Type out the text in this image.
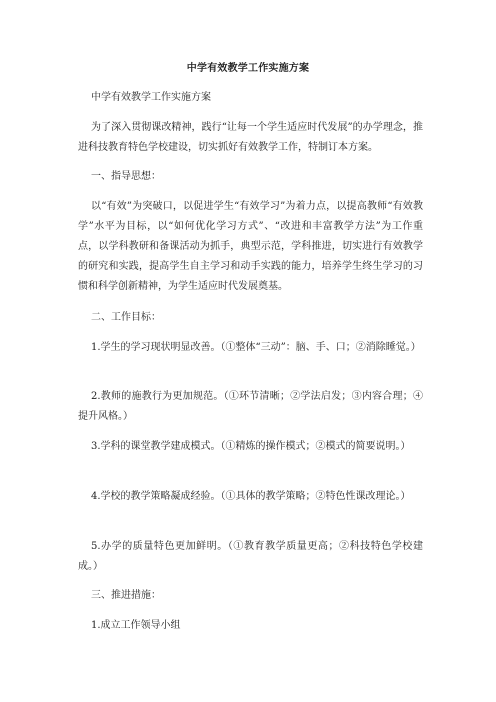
中学有效教学工作实施方案
中学有效教学工作实施方案
为了深入贯彻课改精神，践行“让每一个学生适应时代发展”的办学理念，推进科技教育特色学校建设，切实抓好有效教学工作，特制订本方案。
一、指导思想：
以“有效”为突破口，以促进学生“有效学习”为着力点，以提高教师“有效教学”水平为目标，以“如何优化学习方式”、“改进和丰富教学方法”为工作重点，以学科教研和备课活动为抓手，典型示范，学科推进，切实进行有效教学的研究和实践，提高学生自主学习和动手实践的能力，培养学生终生学习的习惯和科学创新精神，为学生适应时代发展奠基。
二、工作目标：
1.学生的学习现状明显改善。（①整体“三动”：脑、手、口；②消除睡觉。）
2.教师的施教行为更加规范。（①环节清晰；②学法启发；③内容合理；④提升风格。）
3.学科的课堂教学建成模式。（①精炼的操作模式；②模式的简要说明。）
4.学校的教学策略凝成经验。（①具体的教学策略；②特色性课改理论。）
5.办学的质量特色更加鲜明。（①教育教学质量更高；②科技特色学校建成。）
三、推进措施：
1.成立工作领导小组
